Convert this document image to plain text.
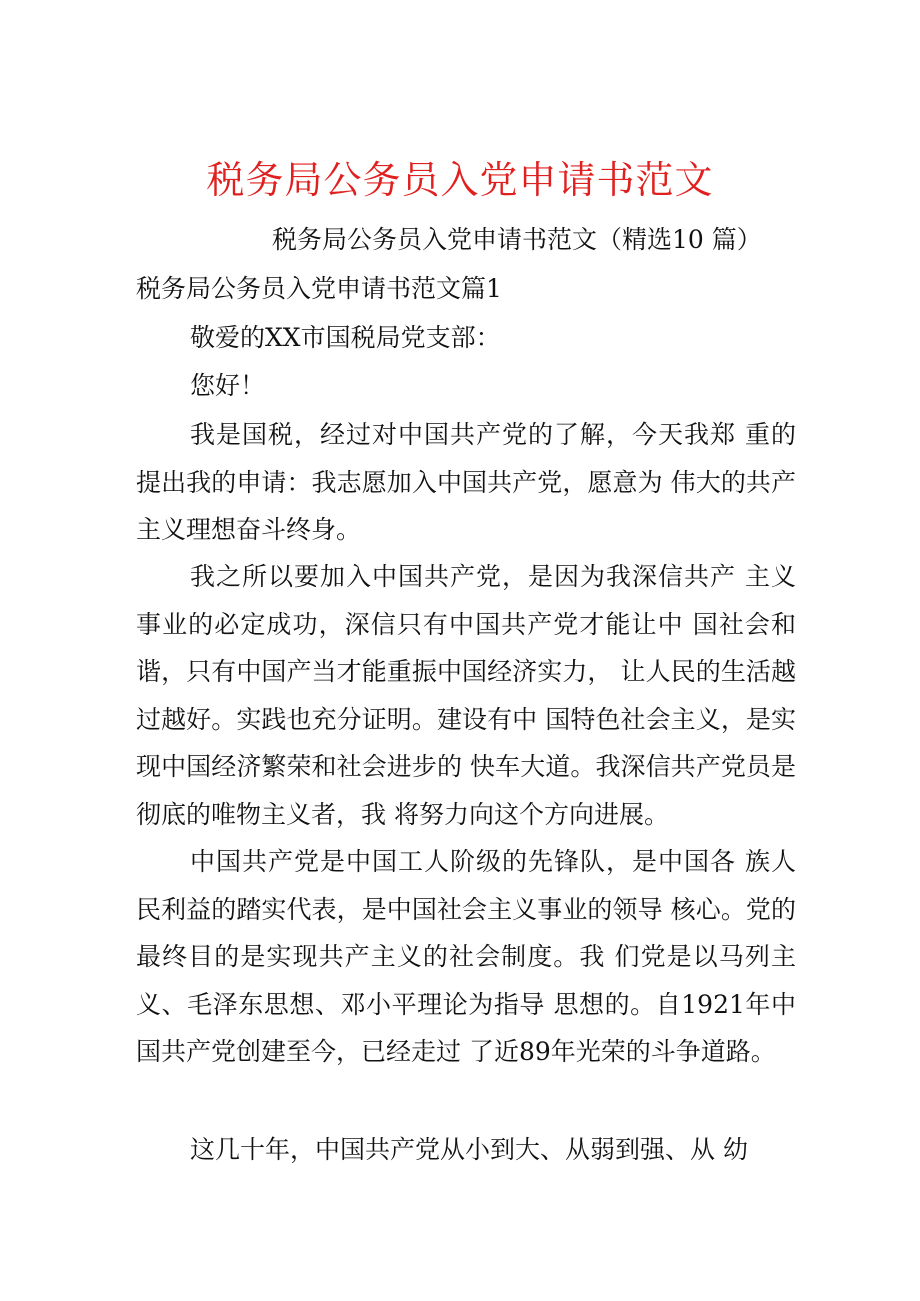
税务局公务员入党申请书范文

税务局公务员入党申请书范文（精选10 篇）

税务局公务员入党申请书范文篇1

敬爱的XX市国税局党支部：

您好！

我是国税，经过对中国共产党的了解，今天我郑 重的提出我的申请：我志愿加入中国共产党，愿意为 伟大的共产主义理想奋斗终身。

我之所以要加入中国共产党，是因为我深信共产 主义事业的必定成功，深信只有中国共产党才能让中 国社会和谐，只有中国产当才能重振中国经济实力， 让人民的生活越过越好。实践也充分证明。建设有中 国特色社会主义，是实现中国经济繁荣和社会进步的 快车大道。我深信共产党员是彻底的唯物主义者，我 将努力向这个方向进展。

中国共产党是中国工人阶级的先锋队，是中国各 族人民利益的踏实代表，是中国社会主义事业的领导 核心。党的最终目的是实现共产主义的社会制度。我 们党是以马列主义、毛泽东思想、邓小平理论为指导 思想的。自1921年中国共产党创建至今，已经走过 了近89年光荣的斗争道路。

这几十年，中国共产党从小到大、从弱到强、从 幼
